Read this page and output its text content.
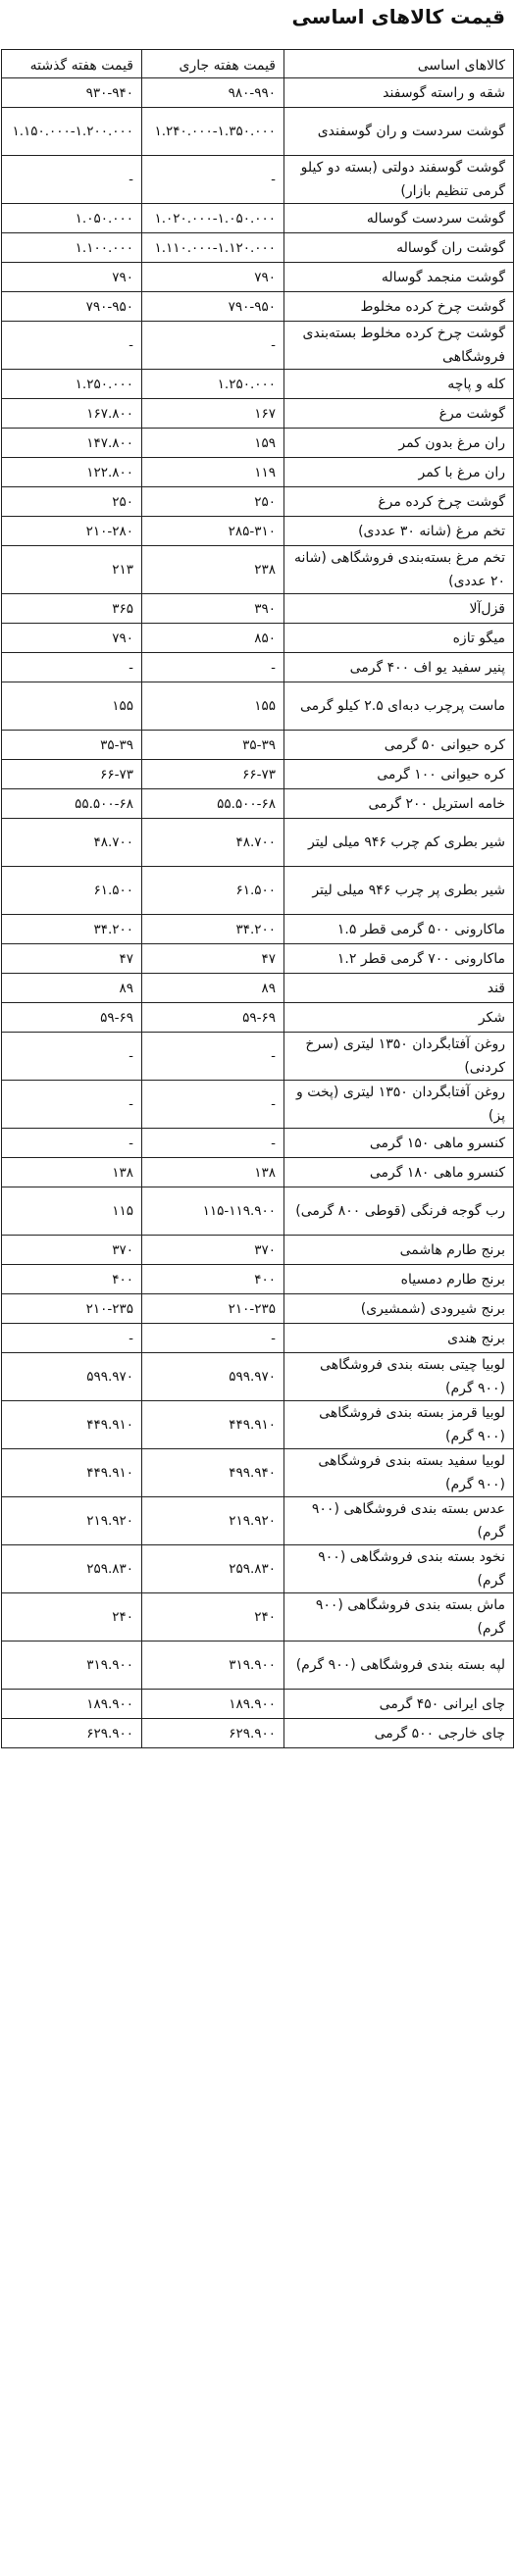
قیمت کالاهای اساسی
کالاهای اساسی	قیمت هفته جاری	قیمت هفته گذشته
شقه و راسته گوسفند	۹۸۰-۹۹۰	۹۳۰-۹۴۰
گوشت سردست و ران گوسفندی	۱.۲۴۰.۰۰۰-۱.۳۵۰.۰۰۰	۱.۱۵۰.۰۰۰-۱.۲۰۰.۰۰۰
گوشت گوسفند دولتی (بسته دو کیلو گرمی تنظیم بازار)	-	-
گوشت سردست گوساله	۱.۰۲۰.۰۰۰-۱.۰۵۰.۰۰۰	۱.۰۵۰.۰۰۰
گوشت ران گوساله	۱.۱۱۰.۰۰۰-۱.۱۲۰.۰۰۰	۱.۱۰۰.۰۰۰
گوشت منجمد گوساله	۷۹۰	۷۹۰
گوشت چرخ کرده مخلوط	۷۹۰-۹۵۰	۷۹۰-۹۵۰
گوشت چرخ کرده مخلوط بسته‌بندی فروشگاهی	-	-
کله و پاچه	۱.۲۵۰.۰۰۰	۱.۲۵۰.۰۰۰
گوشت مرغ	۱۶۷	۱۶۷.۸۰۰
ران مرغ بدون کمر	۱۵۹	۱۴۷.۸۰۰
ران مرغ با کمر	۱۱۹	۱۲۲.۸۰۰
گوشت چرخ کرده مرغ	۲۵۰	۲۵۰
تخم مرغ (شانه ۳۰ عددی)	۲۸۵-۳۱۰	۲۱۰-۲۸۰
تخم مرغ بسته‌بندی فروشگاهی (شانه ۲۰ عددی)	۲۳۸	۲۱۳
قزل‌آلا	۳۹۰	۳۶۵
میگو تازه	۸۵۰	۷۹۰
پنیر سفید یو اف ۴۰۰ گرمی	-	-
ماست پرچرب دبه‌ای ۲.۵ کیلو گرمی	۱۵۵	۱۵۵
کره حیوانی ۵۰ گرمی	۳۵-۳۹	۳۵-۳۹
کره حیوانی ۱۰۰ گرمی	۶۶-۷۳	۶۶-۷۳
خامه استریل ۲۰۰ گرمی	۵۵.۵۰۰-۶۸	۵۵.۵۰۰-۶۸
شیر بطری کم چرب ۹۴۶ میلی لیتر	۴۸.۷۰۰	۴۸.۷۰۰
شیر بطری پر چرب ۹۴۶ میلی لیتر	۶۱.۵۰۰	۶۱.۵۰۰
ماکارونی ۵۰۰ گرمی قطر ۱.۵	۳۴.۲۰۰	۳۴.۲۰۰
ماکارونی ۷۰۰ گرمی قطر ۱.۲	۴۷	۴۷
قند	۸۹	۸۹
شکر	۵۹-۶۹	۵۹-۶۹
روغن آفتابگردان ۱۳۵۰ لیتری (سرخ کردنی)	-	-
روغن آفتابگردان ۱۳۵۰ لیتری (پخت و پز)	-	-
کنسرو ماهی ۱۵۰ گرمی	-	-
کنسرو ماهی ۱۸۰ گرمی	۱۳۸	۱۳۸
رب گوجه فرنگی (قوطی ۸۰۰ گرمی)	۱۱۵-۱۱۹.۹۰۰	۱۱۵
برنج طارم هاشمی	۳۷۰	۳۷۰
برنج طارم دمسیاه	۴۰۰	۴۰۰
برنج شیرودی (شمشیری)	۲۱۰-۲۳۵	۲۱۰-۲۳۵
برنج هندی	-	-
لوبیا چیتی بسته بندی فروشگاهی (۹۰۰ گرم)	۵۹۹.۹۷۰	۵۹۹.۹۷۰
لوبیا قرمز بسته بندی فروشگاهی (۹۰۰ گرم)	۴۴۹.۹۱۰	۴۴۹.۹۱۰
لوبیا سفید بسته بندی فروشگاهی (۹۰۰ گرم)	۴۹۹.۹۴۰	۴۴۹.۹۱۰
عدس بسته بندی فروشگاهی (۹۰۰ گرم)	۲۱۹.۹۲۰	۲۱۹.۹۲۰
نخود بسته بندی فروشگاهی (۹۰۰ گرم)	۲۵۹.۸۳۰	۲۵۹.۸۳۰
ماش بسته بندی فروشگاهی (۹۰۰ گرم)	۲۴۰	۲۴۰
لپه بسته بندی فروشگاهی (۹۰۰ گرم)	۳۱۹.۹۰۰	۳۱۹.۹۰۰
چای ایرانی ۴۵۰ گرمی	۱۸۹.۹۰۰	۱۸۹.۹۰۰
چای خارجی ۵۰۰ گرمی	۶۲۹.۹۰۰	۶۲۹.۹۰۰
